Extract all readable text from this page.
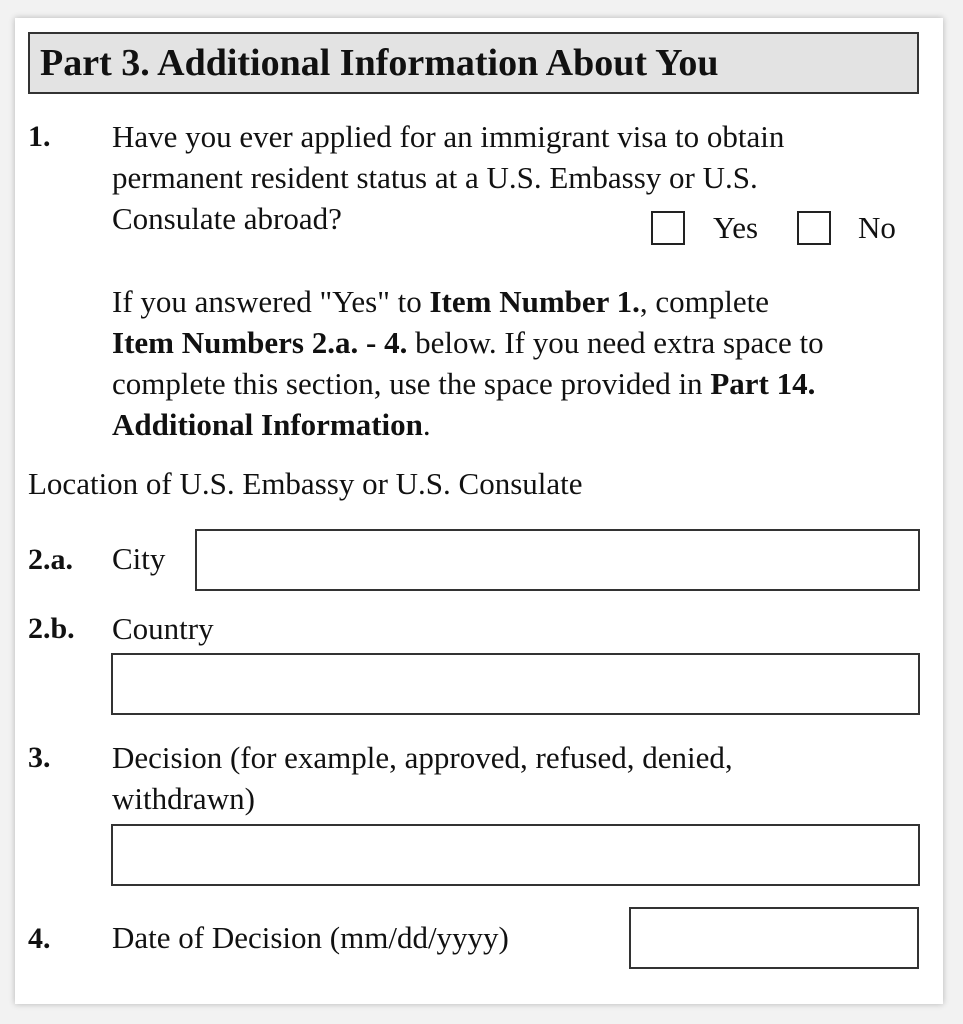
Part 3. Additional Information About You
1. Have you ever applied for an immigrant visa to obtain
permanent resident status at a U.S. Embassy or U.S.
Consulate abroad?	Yes	No
If you answered "Yes" to Item Number 1., complete
Item Numbers 2.a. - 4. below. If you need extra space to
complete this section, use the space provided in Part 14.
Additional Information.
Location of U.S. Embassy or U.S. Consulate
2.a. City
2.b. Country
3. Decision (for example, approved, refused, denied,
withdrawn)
4. Date of Decision (mm/dd/yyyy)
